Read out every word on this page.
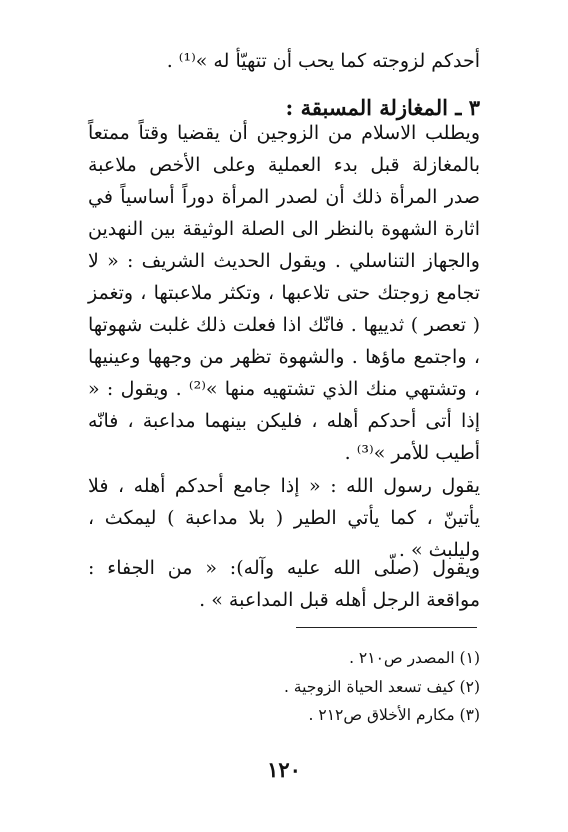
أحدكم لزوجته كما يحب أن تتهيّأ له »⁽¹⁾ .
٣ ـ المغازلة المسبقة :

ويطلب الاسلام من الزوجين أن يقضيا وقتاً ممتعاً بالمغازلة قبل بدء العملية وعلى الأخص ملاعبة صدر المرأة ذلك أن لصدر المرأة دوراً أساسياً في اثارة الشهوة بالنظر الى الصلة الوثيقة بين النهدين والجهاز التناسلي . ويقول الحديث الشريف : « لا تجامع زوجتك حتى تلاعبها ، وتكثر ملاعبتها ، وتغمز ( تعصر ) ثدييها . فانّك اذا فعلت ذلك غلبت شهوتها ، واجتمع ماؤها . والشهوة تظهر من وجهها وعينيها ، وتشتهي منك الذي تشتهيه منها »⁽²⁾ . ويقول : « إذا أتى أحدكم أهله ، فليكن بينهما مداعبة ، فانّه أطيب للأمر »⁽³⁾ .

يقول رسول الله : « إذا جامع أحدكم أهله ، فلا يأتينّ ، كما يأتي الطير ( بلا مداعبة ) ليمكث ، وليلبث » .

ويقول (صلّى الله عليه وآله): « من الجفاء : مواقعة الرجل أهله قبل المداعبة » .

(١) المصدر ص٢١٠ .
(٢) كيف تسعد الحياة الزوجية .
(٣) مكارم الأخلاق ص٢١٢ .
١٢٠
